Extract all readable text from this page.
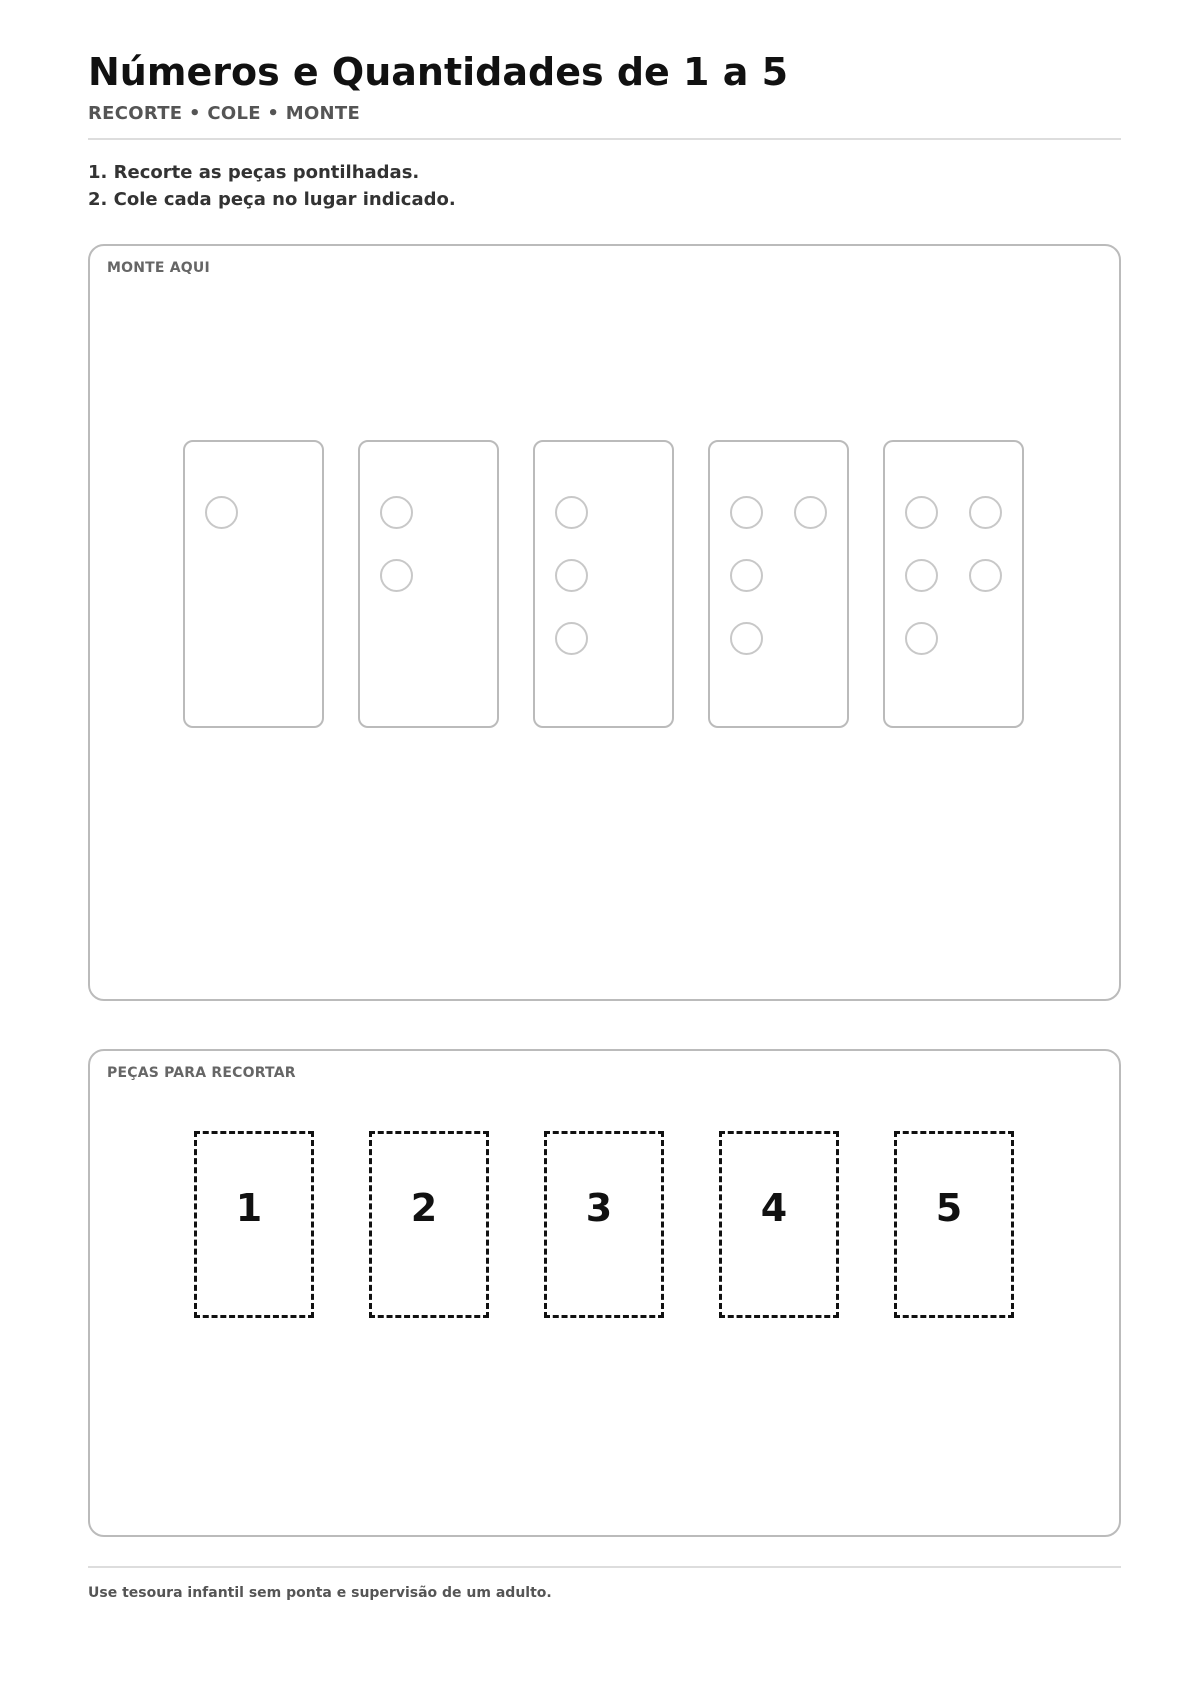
Números e Quantidades de 1 a 5
RECORTE • COLE • MONTE
1. Recorte as peças pontilhadas.
2. Cole cada peça no lugar indicado.
MONTE AQUI
PEÇAS PARA RECORTAR
1	2	3	4	5
Use tesoura infantil sem ponta e supervisão de um adulto.
